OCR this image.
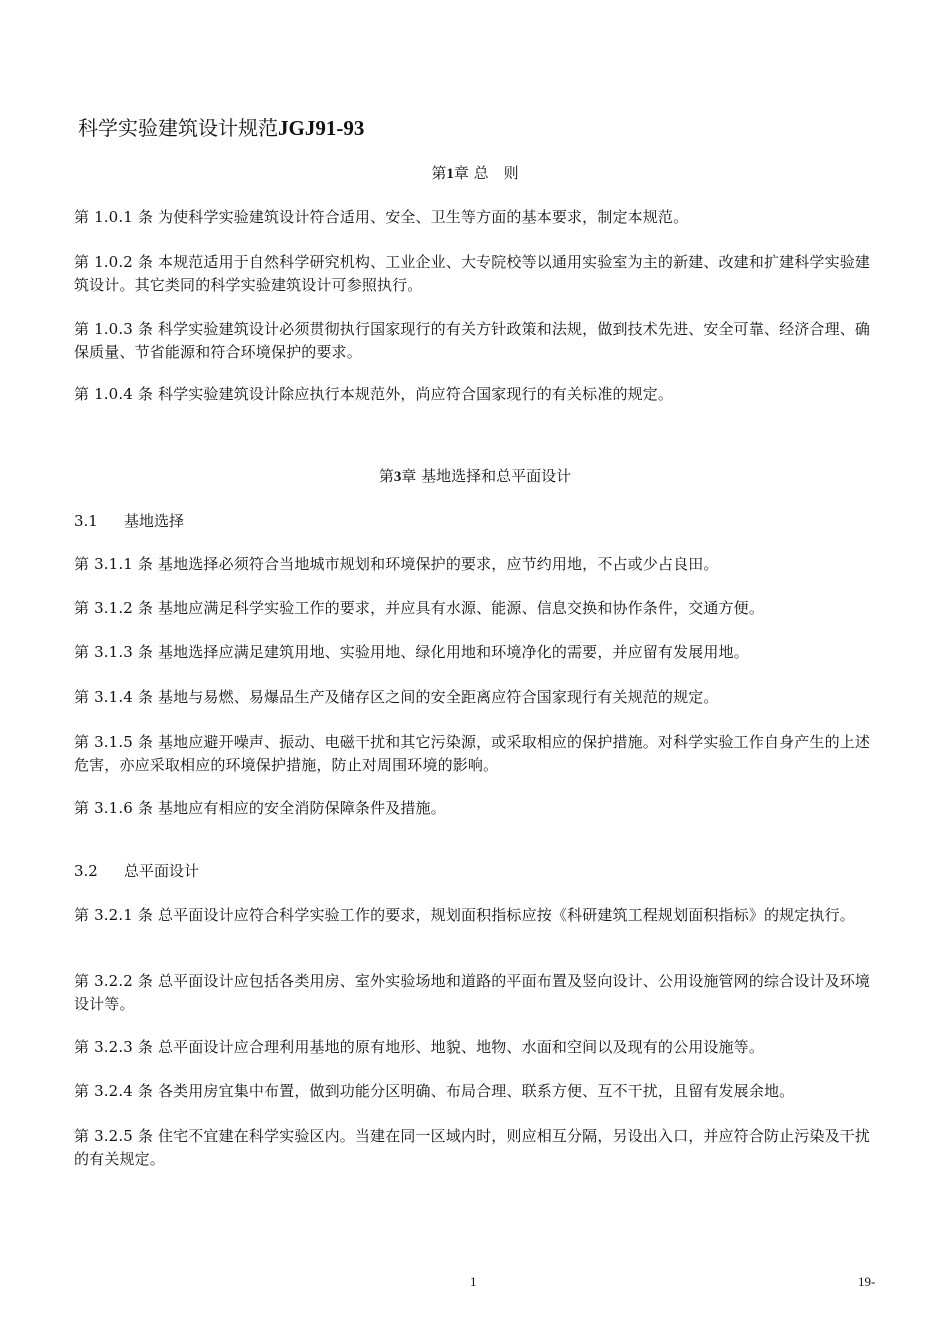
科学实验建筑设计规范JGJ91-93
第1章 总　则
第 1.0.1 条 为使科学实验建筑设计符合适用、安全、卫生等方面的基本要求，制定本规范。
第 1.0.2 条 本规范适用于自然科学研究机构、工业企业、大专院校等以通用实验室为主的新建、改建和扩建科学实验建筑设计。其它类同的科学实验建筑设计可参照执行。
第 1.0.3 条 科学实验建筑设计必须贯彻执行国家现行的有关方针政策和法规，做到技术先进、安全可靠、经济合理、确保质量、节省能源和符合环境保护的要求。
第 1.0.4 条 科学实验建筑设计除应执行本规范外，尚应符合国家现行的有关标准的规定。
第3章 基地选择和总平面设计
3.1 基地选择
第 3.1.1 条 基地选择必须符合当地城市规划和环境保护的要求，应节约用地，不占或少占良田。
第 3.1.2 条 基地应满足科学实验工作的要求，并应具有水源、能源、信息交换和协作条件，交通方便。
第 3.1.3 条 基地选择应满足建筑用地、实验用地、绿化用地和环境净化的需要，并应留有发展用地。
第 3.1.4 条 基地与易燃、易爆品生产及储存区之间的安全距离应符合国家现行有关规范的规定。
第 3.1.5 条 基地应避开噪声、振动、电磁干扰和其它污染源，或采取相应的保护措施。对科学实验工作自身产生的上述危害，亦应采取相应的环境保护措施，防止对周围环境的影响。
第 3.1.6 条 基地应有相应的安全消防保障条件及措施。
3.2 总平面设计
第 3.2.1 条 总平面设计应符合科学实验工作的要求，规划面积指标应按《科研建筑工程规划面积指标》的规定执行。
第 3.2.2 条 总平面设计应包括各类用房、室外实验场地和道路的平面布置及竖向设计、公用设施管网的综合设计及环境设计等。
第 3.2.3 条 总平面设计应合理利用基地的原有地形、地貌、地物、水面和空间以及现有的公用设施等。
第 3.2.4 条 各类用房宜集中布置，做到功能分区明确、布局合理、联系方便、互不干扰，且留有发展余地。
第 3.2.5 条 住宅不宜建在科学实验区内。当建在同一区域内时，则应相互分隔，另设出入口，并应符合防止污染及干扰的有关规定。
1	19-
